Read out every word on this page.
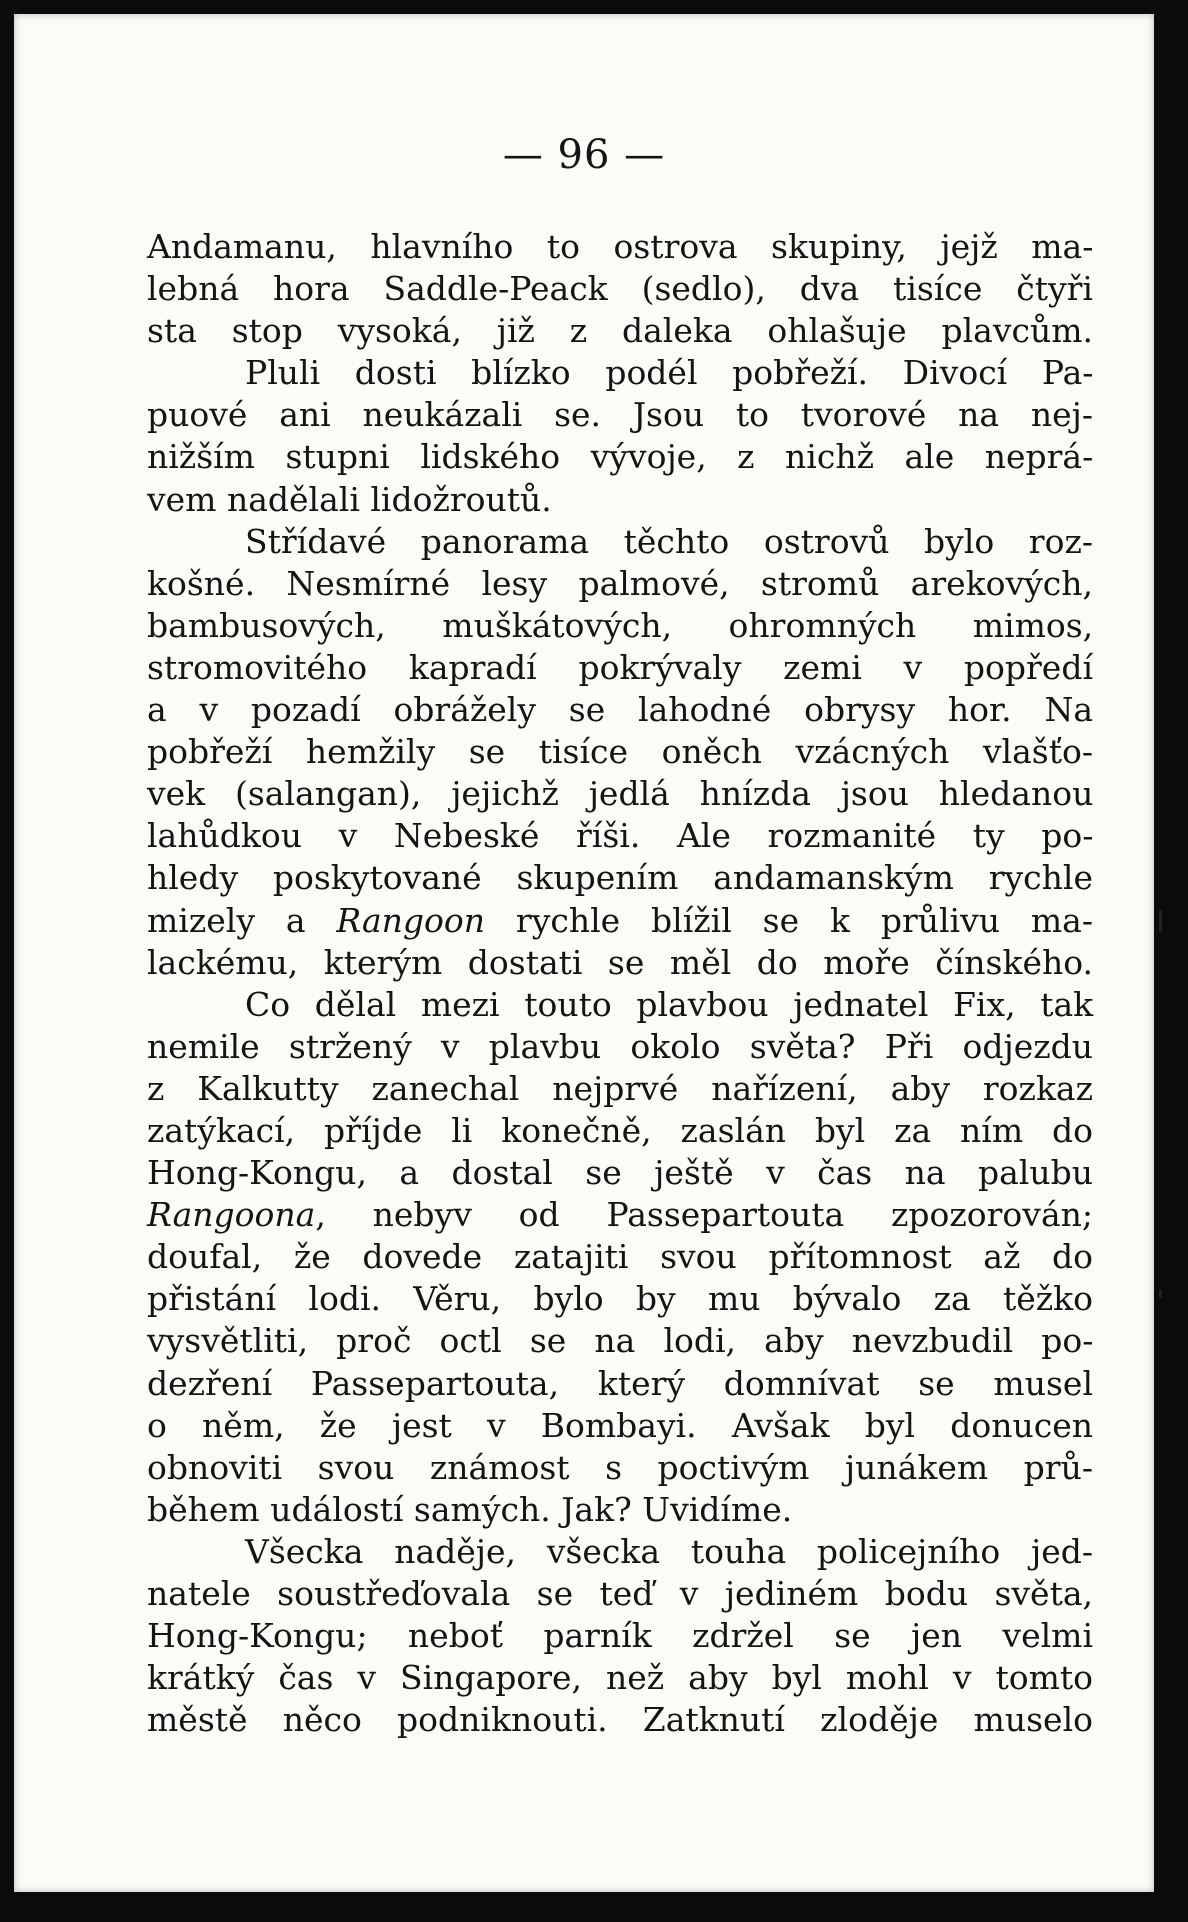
— 96 —
Andamanu, hlavního to ostrova skupiny, jejž ma-
lebná hora Saddle-Peack (sedlo), dva tisíce čtyři
sta stop vysoká, již z daleka ohlašuje plavcům.
Pluli dosti blízko podél pobřeží. Divocí Pa-
puové ani neukázali se. Jsou to tvorové na nej-
nižším stupni lidského vývoje, z nichž ale neprá-
vem nadělali lidožroutů.
Střídavé panorama těchto ostrovů bylo roz-
košné. Nesmírné lesy palmové, stromů arekových,
bambusových, muškátových, ohromných mimos,
stromovitého kapradí pokrývaly zemi v popředí
a v pozadí obrážely se lahodné obrysy hor. Na
pobřeží hemžily se tisíce oněch vzácných vlašťo-
vek (salangan), jejichž jedlá hnízda jsou hledanou
lahůdkou v Nebeské říši. Ale rozmanité ty po-
hledy poskytované skupením andamanským rychle
mizely a Rangoon rychle blížil se k průlivu ma-
lackému, kterým dostati se měl do moře čínského.
Co dělal mezi touto plavbou jednatel Fix, tak
nemile stržený v plavbu okolo světa? Při odjezdu
z Kalkutty zanechal nejprvé nařízení, aby rozkaz
zatýkací, příjde li konečně, zaslán byl za ním do
Hong-Kongu, a dostal se ještě v čas na palubu
Rangoona, nebyv od Passepartouta zpozorován;
doufal, že dovede zatajiti svou přítomnost až do
přistání lodi. Věru, bylo by mu bývalo za těžko
vysvětliti, proč octl se na lodi, aby nevzbudil po-
dezření Passepartouta, který domnívat se musel
o něm, že jest v Bombayi. Avšak byl donucen
obnoviti svou známost s poctivým junákem prů-
během událostí samých. Jak? Uvidíme.
Všecka naděje, všecka touha policejního jed-
natele soustřeďovala se teď v jediném bodu světa,
Hong-Kongu; neboť parník zdržel se jen velmi
krátký čas v Singapore, než aby byl mohl v tomto
městě něco podniknouti. Zatknutí zloděje muselo
